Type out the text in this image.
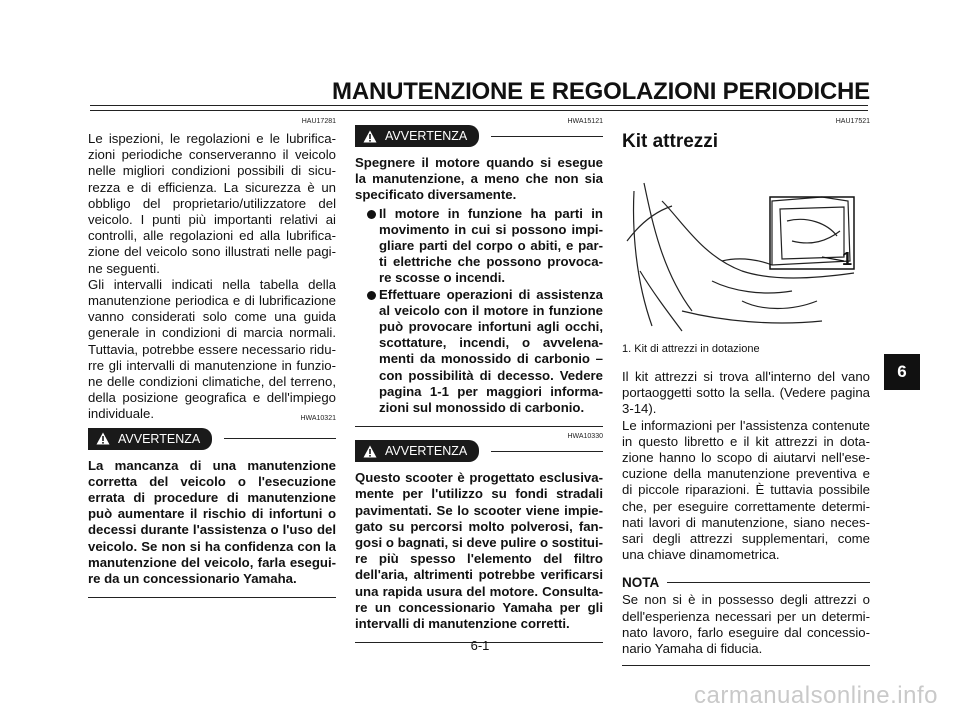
MANUTENZIONE E REGOLAZIONI PERIODICHE
HAU17281

Le ispezioni, le regolazioni e le lubrifica-zioni periodiche conserveranno il veicolo nelle migliori condizioni possibili di sicu-rezza e di efficienza. La sicurezza è un obbligo del proprietario/utilizzatore del veicolo. I punti più importanti relativi ai controlli, alle regolazioni ed alla lubrifica-zione del veicolo sono illustrati nelle pagi-ne seguenti.

Gli intervalli indicati nella tabella della manutenzione periodica e di lubrificazione vanno considerati solo come una guida generale in condizioni di marcia normali. Tuttavia, potrebbe essere necessario ridu-rre gli intervalli di manutenzione in funzio-ne delle condizioni climatiche, del terreno, della posizione geografica e dell'impiego individuale.	HWA10321
AVVERTENZA

La mancanza di una manutenzione corretta del veicolo o l'esecuzione errata di procedure di manutenzione può aumentare il rischio di infortuni o decessi durante l'assistenza o l'uso del veicolo. Se non si ha confidenza con la manutenzione del veicolo, farla esegui-re da un concessionario Yamaha.

HWA15121
AVVERTENZA

Spegnere il motore quando si esegue la manutenzione, a meno che non sia specificato diversamente.

Il motore in funzione ha parti in movimento in cui si possono impi-gliare parti del corpo o abiti, e par-ti elettriche che possono provoca-re scosse o incendi.
Effettuare operazioni di assistenza al veicolo con il motore in funzione può provocare infortuni agli occhi, scottature, incendi, o avvelena-menti da monossido di carbonio – con possibilità di decesso. Vedere pagina 1-1 per maggiori informa-zioni sul monossido di carbonio.
HWA10330
AVVERTENZA

Questo scooter è progettato esclusiva-mente per l'utilizzo su fondi stradali pavimentati. Se lo scooter viene impie-gato su percorsi molto polverosi, fan-gosi o bagnati, si deve pulire o sostitui-re più spesso l'elemento del filtro dell'aria, altrimenti potrebbe verificarsi una rapida usura del motore. Consulta-re un concessionario Yamaha per gli intervalli di manutenzione corretti.

HAU17521
Kit attrezzi
1
1. Kit di attrezzi in dotazione

Il kit attrezzi si trova all'interno del vano portaoggetti sotto la sella. (Vedere pagina 3-14).

Le informazioni per l'assistenza contenute in questo libretto e il kit attrezzi in dota-zione hanno lo scopo di aiutarvi nell'ese-cuzione della manutenzione preventiva e di piccole riparazioni. È tuttavia possibile che, per eseguire correttamente determi-nati lavori di manutenzione, siano neces-sari degli attrezzi supplementari, come una chiave dinamometrica.

NOTA

Se non si è in possesso degli attrezzi o dell'esperienza necessari per un determi-nato lavoro, farlo eseguire dal concessio-nario Yamaha di fiducia.

6
6-1
carmanualsonline.info
